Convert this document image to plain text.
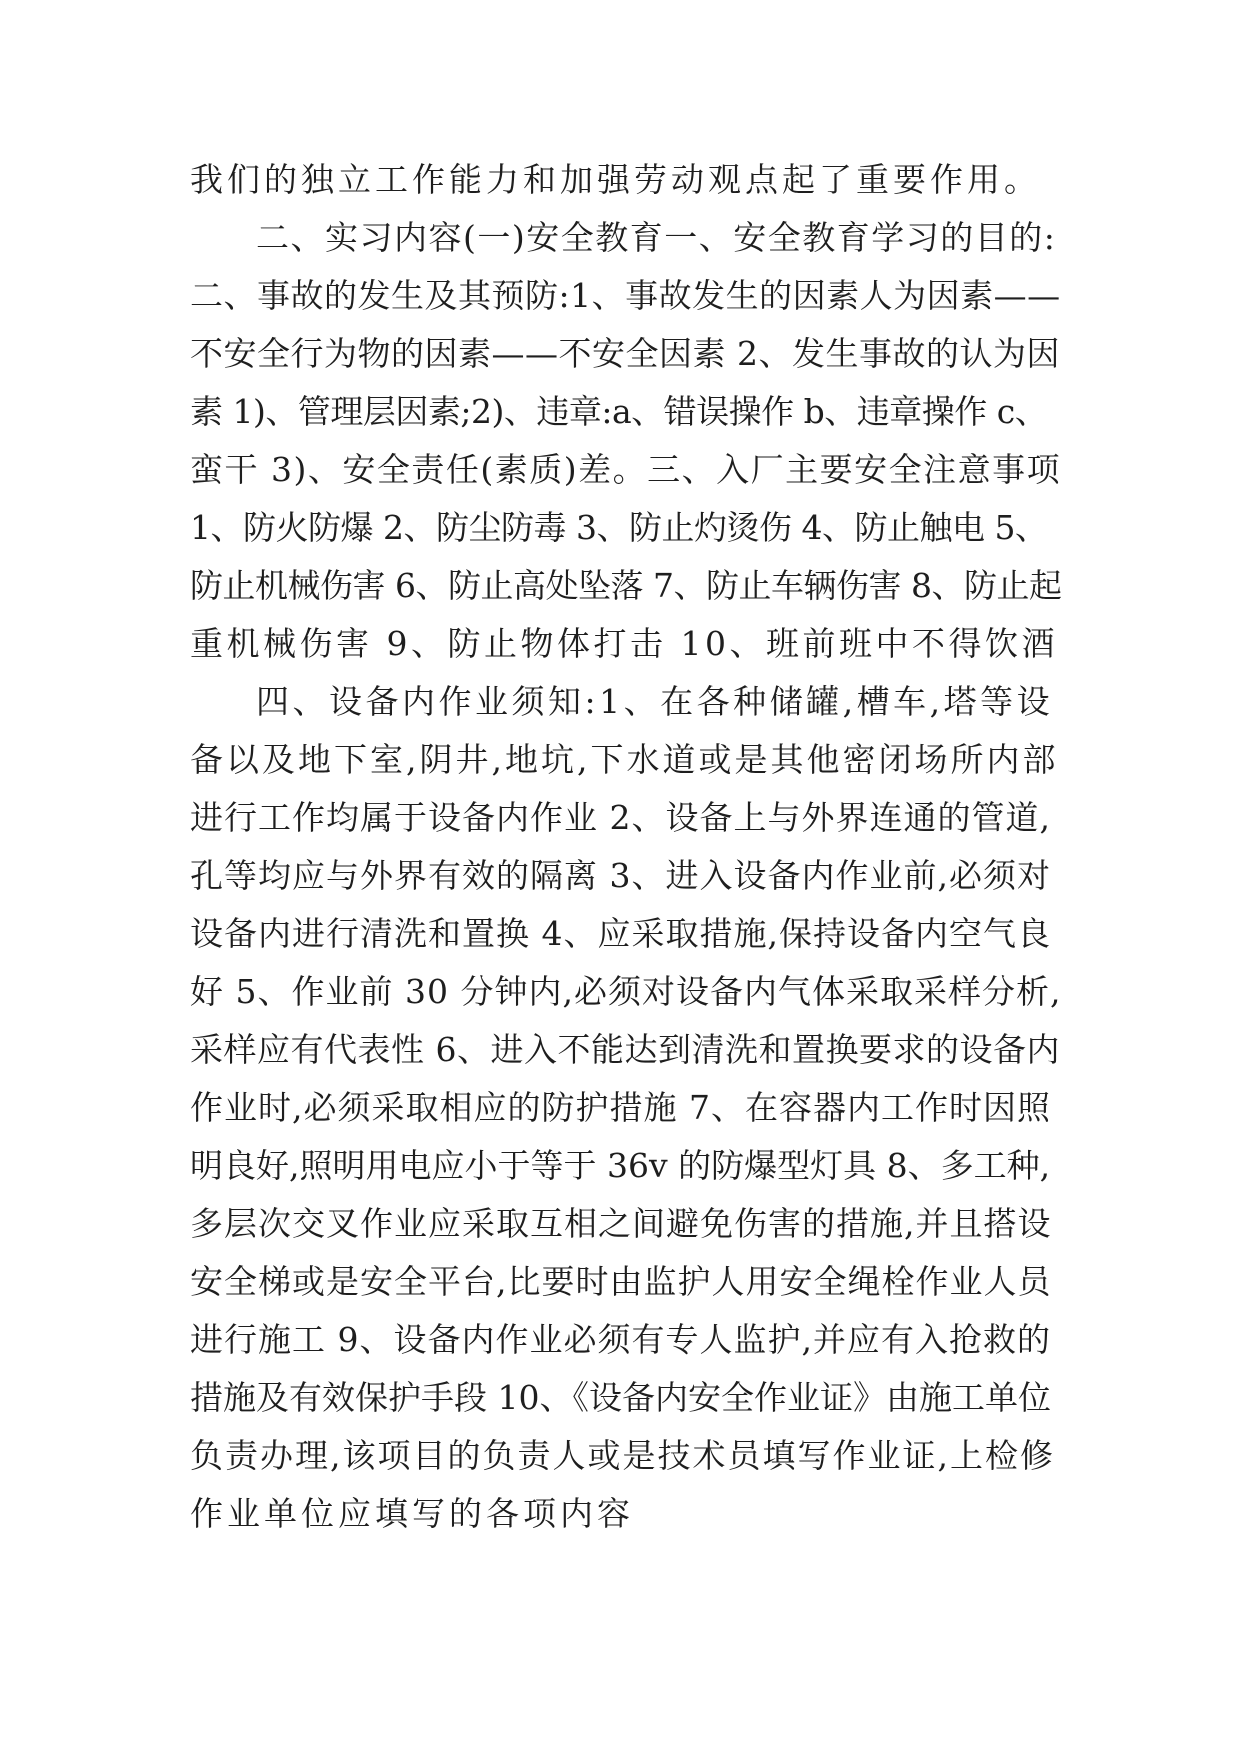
我们的独立工作能力和加强劳动观点起了重要作用。
二、实习内容(一)安全教育一、安全教育学习的目的:
二、事故的发生及其预防:1、事故发生的因素人为因素——
不安全行为物的因素——不安全因素 2、发生事故的认为因
素 1)、管理层因素;2)、违章:a、错误操作 b、违章操作 c、
蛮干 3)、安全责任(素质)差。三、入厂主要安全注意事项
1、防火防爆 2、防尘防毒 3、防止灼烫伤 4、防止触电 5、
防止机械伤害 6、防止高处坠落 7、防止车辆伤害 8、防止起
重机械伤害 9、防止物体打击 10、班前班中不得饮酒
四、设备内作业须知:1、在各种储罐,槽车,塔等设
备以及地下室,阴井,地坑,下水道或是其他密闭场所内部
进行工作均属于设备内作业 2、设备上与外界连通的管道,
孔等均应与外界有效的隔离 3、进入设备内作业前,必须对
设备内进行清洗和置换 4、应采取措施,保持设备内空气良
好 5、作业前 30 分钟内,必须对设备内气体采取采样分析,
采样应有代表性 6、进入不能达到清洗和置换要求的设备内
作业时,必须采取相应的防护措施 7、在容器内工作时因照
明良好,照明用电应小于等于 36v 的防爆型灯具 8、多工种,
多层次交叉作业应采取互相之间避免伤害的措施,并且搭设
安全梯或是安全平台,比要时由监护人用安全绳栓作业人员
进行施工 9、设备内作业必须有专人监护,并应有入抢救的
措施及有效保护手段 10、《设备内安全作业证》由施工单位
负责办理,该项目的负责人或是技术员填写作业证,上检修
作业单位应填写的各项内容
